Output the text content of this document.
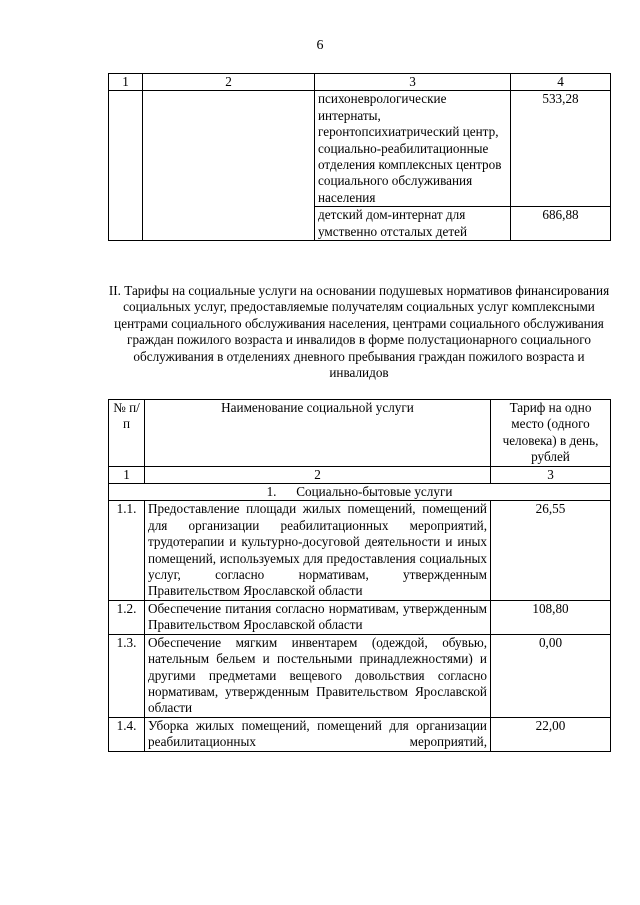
6
1	2	3	4
		психоневрологические интернаты, геронтопсихиатрический центр, социально-реабилитационные отделения комплексных центров социального обслуживания населения	533,28
		детский дом-интернат для умственно отсталых детей	686,88
II. Тарифы на социальные услуги на основании подушевых нормативов финансирования социальных услуг, предоставляемые получателям социальных услуг комплексными центрами социального обслуживания населения, центрами социального обслуживания граждан пожилого возраста и инвалидов в форме полустационарного социального обслуживания в отделениях дневного пребывания граждан пожилого возраста и инвалидов
№ п/п	Наименование социальной услуги	Тариф на одно место (одного человека) в день, рублей
1	2	3
1.      Социально-бытовые услуги		
1.1.	Предоставление площади жилых помещений, помещений для организации реабилитационных мероприятий, трудотерапии и культурно-досуговой деятельности и иных помещений, используемых для предоставления социальных услуг, согласно нормативам, утвержденным Правительством Ярославской области	26,55
1.2.	Обеспечение питания согласно нормативам, утвержденным Правительством Ярославской области	108,80
1.3.	Обеспечение мягким инвентарем (одеждой, обувью, нательным бельем и постельными принадлежностями) и другими предметами вещевого довольствия согласно нормативам, утвержденным Правительством Ярославской области	0,00
1.4.	Уборка жилых помещений, помещений для организации реабилитационных мероприятий,	22,00
